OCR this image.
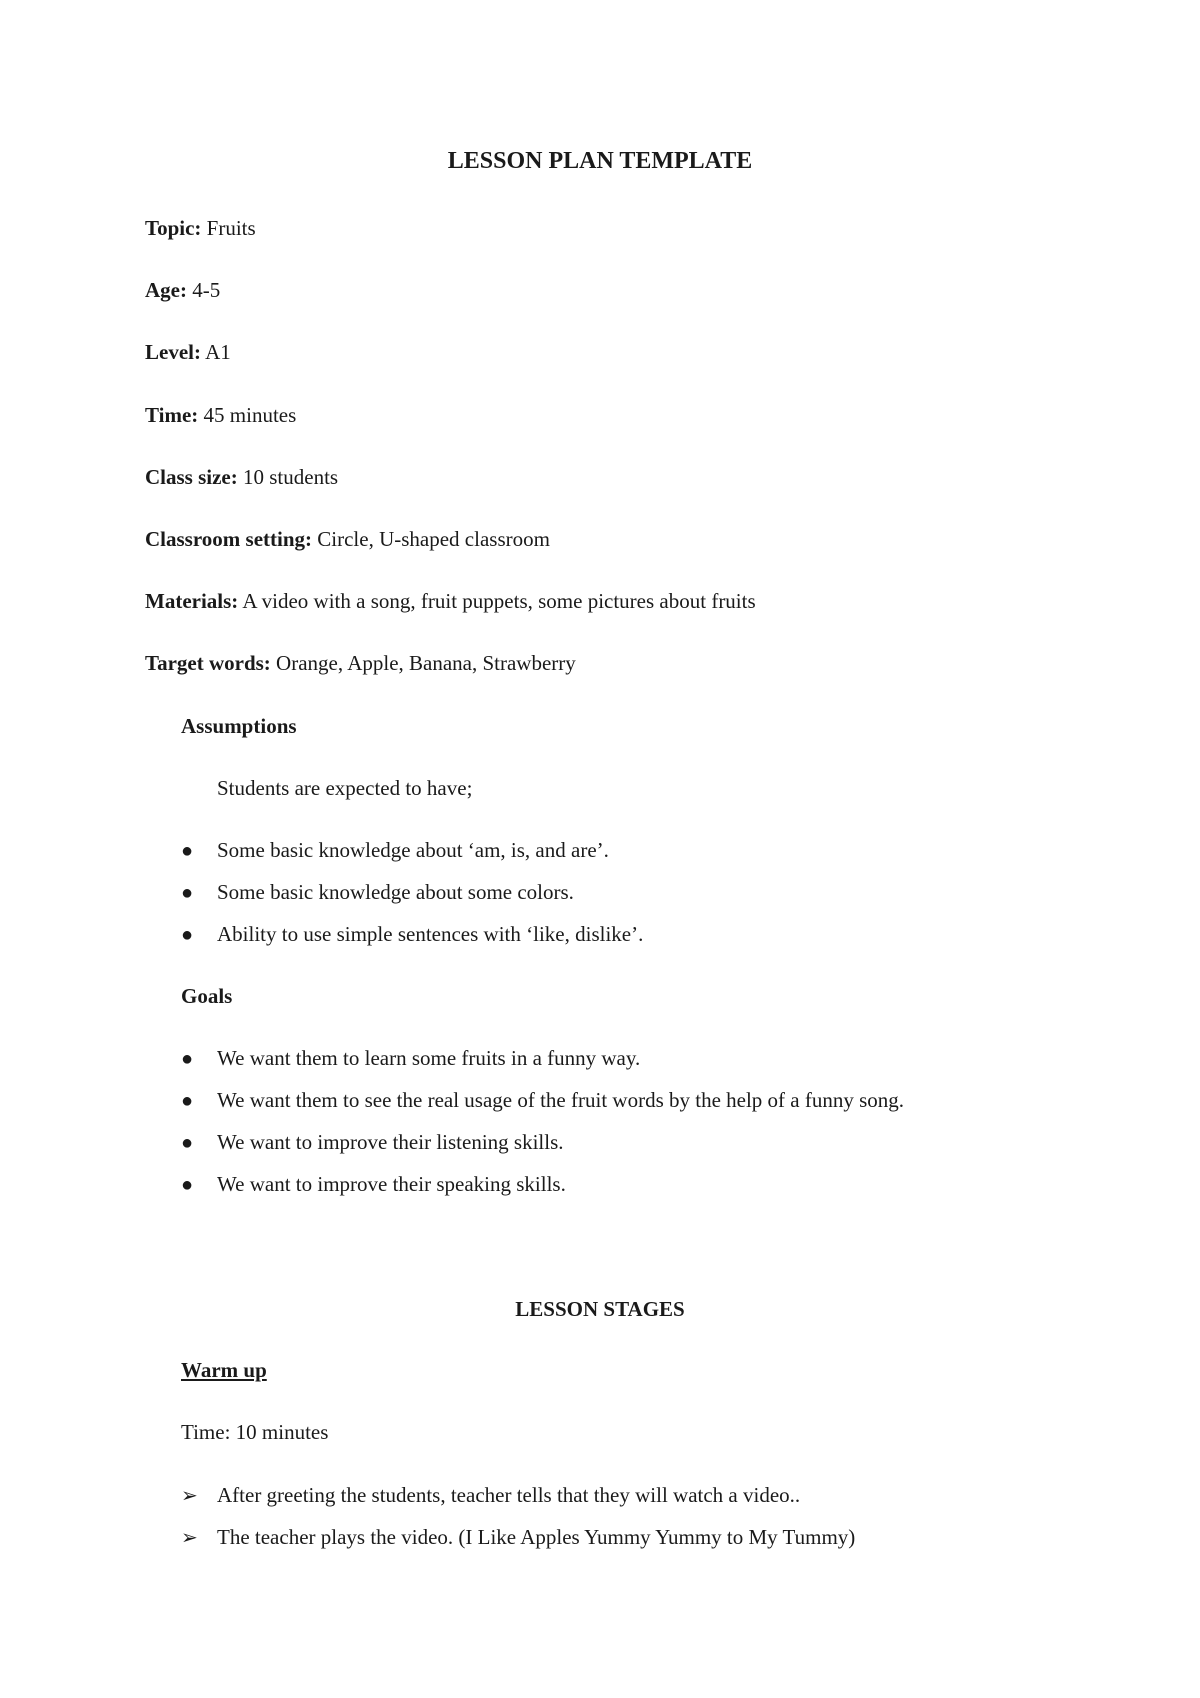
LESSON PLAN TEMPLATE
Topic: Fruits
Age: 4-5
Level: A1
Time: 45 minutes
Class size: 10 students
Classroom setting: Circle, U-shaped classroom
Materials: A video with a song, fruit puppets, some pictures about fruits
Target words: Orange, Apple, Banana, Strawberry
Assumptions
Students are expected to have;
● Some basic knowledge about ‘am, is, and are’.
● Some basic knowledge about some colors.
● Ability to use simple sentences with ‘like, dislike’.
Goals
● We want them to learn some fruits in a funny way.
● We want them to see the real usage of the fruit words by the help of a funny song.
● We want to improve their listening skills.
● We want to improve their speaking skills.
LESSON STAGES
Warm up
Time: 10 minutes
➢ After greeting the students, teacher tells that they will watch a video..
➢ The teacher plays the video. (I Like Apples Yummy Yummy to My Tummy)
